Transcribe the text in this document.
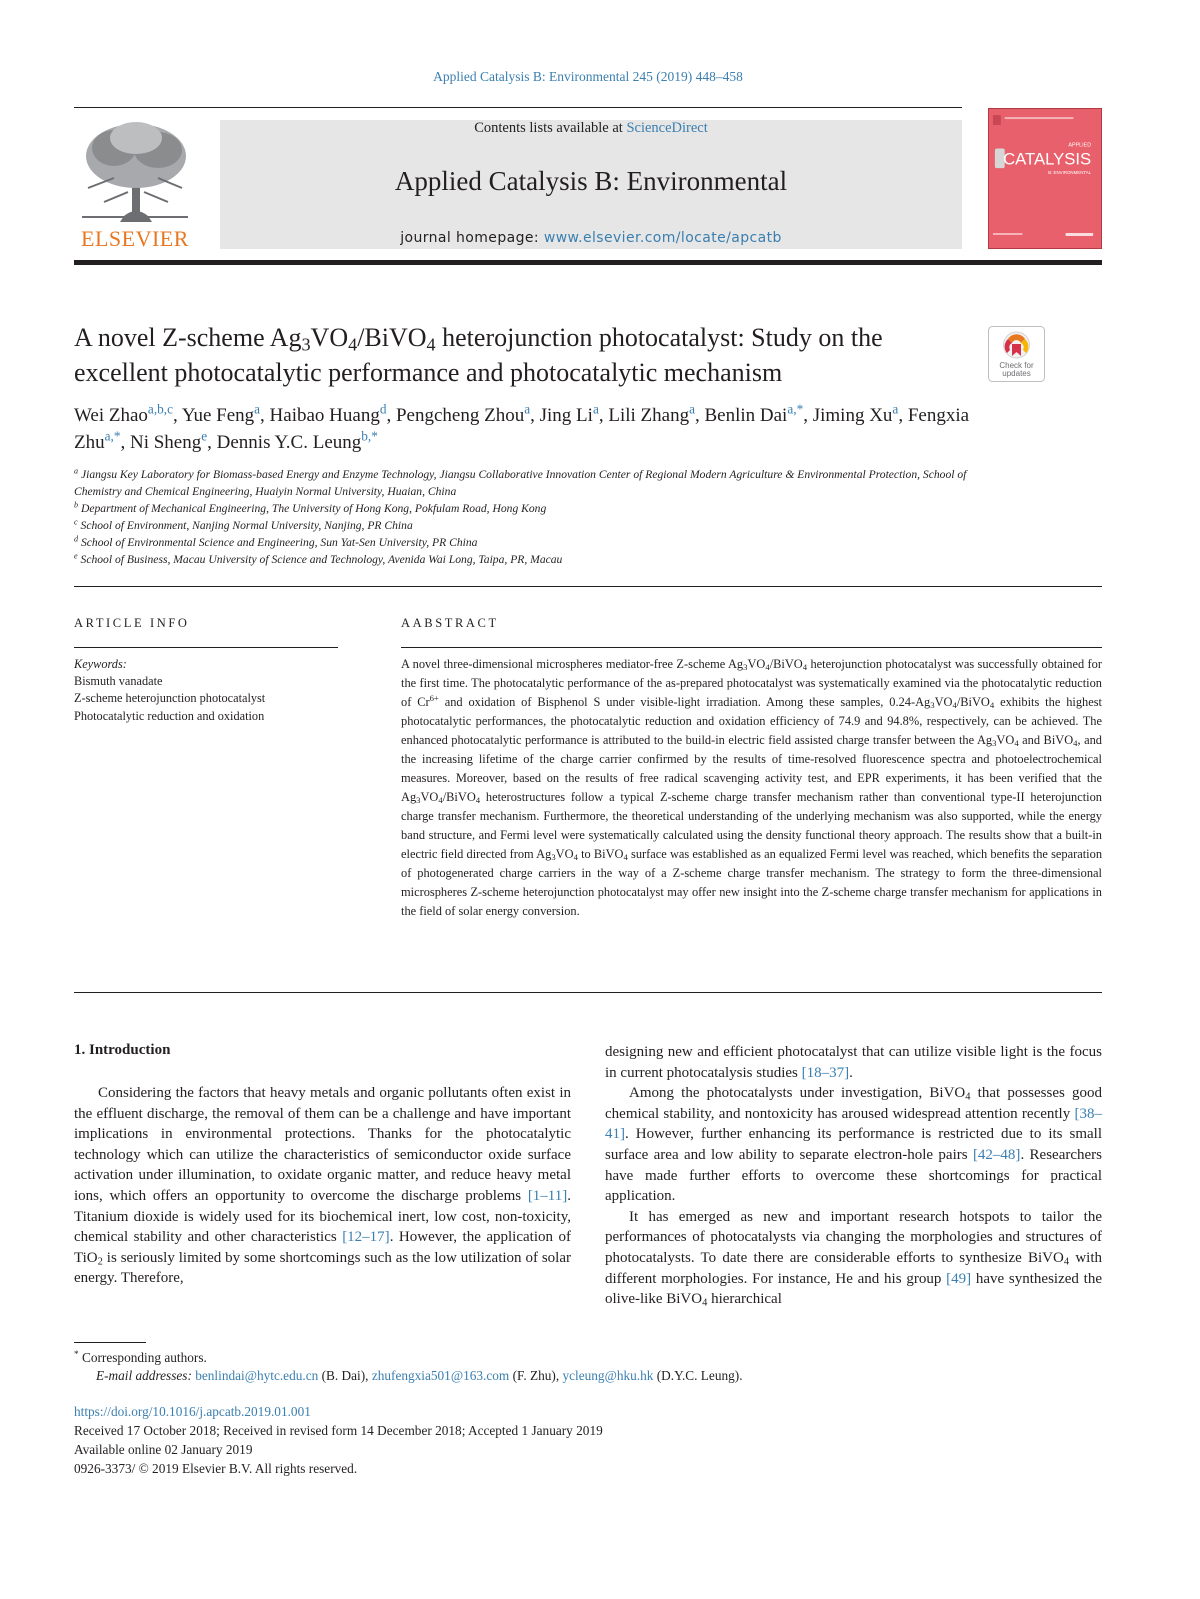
Applied Catalysis B: Environmental 245 (2019) 448–458
ELSEVIER
Contents lists available at ScienceDirect
Applied Catalysis B: Environmental
journal homepage: www.elsevier.com/locate/apcatb
APPLIED
CATALYSIS
B: ENVIRONMENTAL
A novel Z-scheme $Ag_3VO_4/BiVO_4$ heterojunction photocatalyst: Study on the excellent photocatalytic performance and photocatalytic mechanism	Check for
updates
Wei Zhao$^{a,b,c}$, Yue Feng$^a$, Haibao Huang$^d$, Pengcheng Zhou$^a$, Jing Li$^a$, Lili Zhang$^a$, Benlin Dai$^{a,*}$, Jiming Xu$^a$, Fengxia Zhu$^{a,*}$, Ni Sheng$^e$, Dennis Y.C. Leung$^{b,*}$
$^a$ Jiangsu Key Laboratory for Biomass-based Energy and Enzyme Technology, Jiangsu Collaborative Innovation Center of Regional Modern Agriculture & Environmental Protection, School of Chemistry and Chemical Engineering, Huaiyin Normal University, Huaian, China
$^b$ Department of Mechanical Engineering, The University of Hong Kong, Pokfulam Road, Hong Kong
$^c$ School of Environment, Nanjing Normal University, Nanjing, PR China
$^d$ School of Environmental Science and Engineering, Sun Yat-Sen University, PR China
$^e$ School of Business, Macau University of Science and Technology, Avenida Wai Long, Taipa, PR, Macau
ARTICLE INFO
Keywords:
Bismuth vanadate
Z-scheme heterojunction photocatalyst
Photocatalytic reduction and oxidation
AABSTRACT
A novel three-dimensional microspheres mediator-free Z-scheme $Ag_3VO_4/BiVO_4$ heterojunction photocatalyst was successfully obtained for the first time. The photocatalytic performance of the as-prepared photocatalyst was systematically examined via the photocatalytic reduction of $Cr^{6+}$ and oxidation of Bisphenol S under visible-light irradiation. Among these samples, $0.24-Ag_3VO_4/BiVO_4$ exhibits the highest photocatalytic performances, the photocatalytic reduction and oxidation efficiency of 74.9 and 94.8%, respectively, can be achieved. The enhanced photocatalytic performance is attributed to the build-in electric field assisted charge transfer between the $Ag_3VO_4$ and BiVO$_4$, and the increasing lifetime of the charge carrier confirmed by the results of time-resolved fluorescence spectra and photoelectrochemical measures. Moreover, based on the results of free radical scavenging activity test, and EPR experiments, it has been verified that the $Ag_3VO_4/BiVO_4$ heterostructures follow a typical Z-scheme charge transfer mechanism rather than conventional type-II heterojunction charge transfer mechanism. Furthermore, the theoretical understanding of the underlying mechanism was also supported, while the energy band structure, and Fermi level were systematically calculated using the density functional theory approach. The results show that a built-in electric field directed from $Ag_3VO_4$ to BiVO$_4$ surface was established as an equalized Fermi level was reached, which benefits the separation of photogenerated charge carriers in the way of a Z-scheme charge transfer mechanism. The strategy to form the three-dimensional microspheres Z-scheme heterojunction photocatalyst may offer new insight into the Z-scheme charge transfer mechanism for applications in the field of solar energy conversion.
1. Introduction

Considering the factors that heavy metals and organic pollutants often exist in the effluent discharge, the removal of them can be a challenge and have important implications in environmental protections. Thanks for the photocatalytic technology which can utilize the characteristics of semiconductor oxide surface activation under illumination, to oxidate organic matter, and reduce heavy metal ions, which offers an opportunity to overcome the discharge problems [1–11]. Titanium dioxide is widely used for its biochemical inert, low cost, non-toxicity, chemical stability and other characteristics [12–17]. However, the application of TiO$_2$ is seriously limited by some shortcomings such as the low utilization of solar energy. Therefore,

designing new and efficient photocatalyst that can utilize visible light is the focus in current photocatalysis studies [18–37].

Among the photocatalysts under investigation, BiVO$_4$ that possesses good chemical stability, and nontoxicity has aroused widespread attention recently [38–41]. However, further enhancing its performance is restricted due to its small surface area and low ability to separate electron-hole pairs [42–48]. Researchers have made further efforts to overcome these shortcomings for practical application.

It has emerged as new and important research hotspots to tailor the performances of photocatalysts via changing the morphologies and structures of photocatalysts. To date there are considerable efforts to synthesize BiVO$_4$ with different morphologies. For instance, He and his group [49] have synthesized the olive-like BiVO$_4$ hierarchical

* Corresponding authors.
E-mail addresses: benlindai@hytc.edu.cn (B. Dai), zhufengxia501@163.com (F. Zhu), ycleung@hku.hk (D.Y.C. Leung).
https://doi.org/10.1016/j.apcatb.2019.01.001
Received 17 October 2018; Received in revised form 14 December 2018; Accepted 1 January 2019
Available online 02 January 2019
0926-3373/ © 2019 Elsevier B.V. All rights reserved.
